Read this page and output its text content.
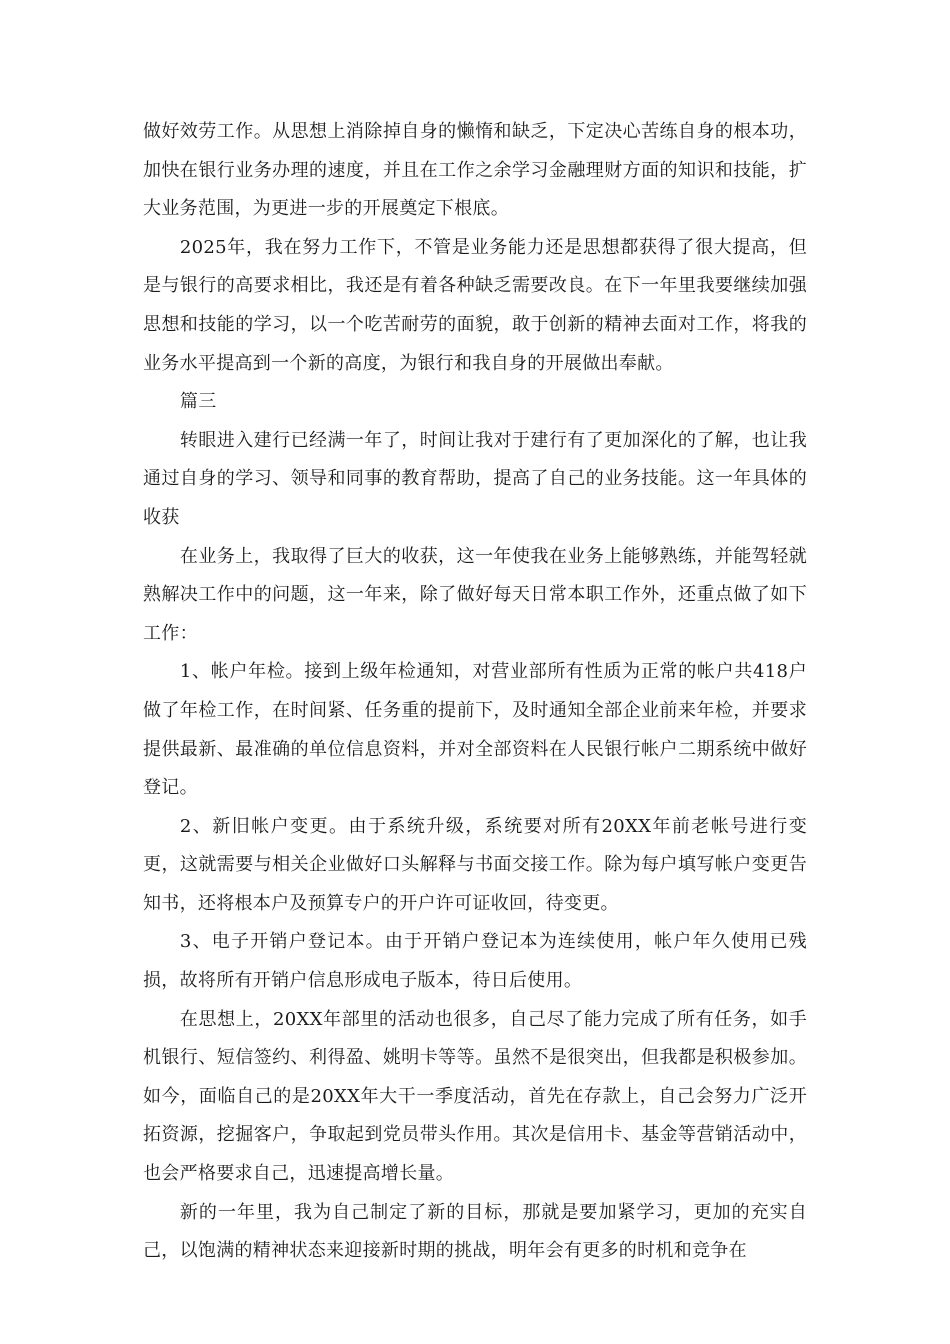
做好效劳工作。从思想上消除掉自身的懒惰和缺乏，下定决心苦练自身的根本功，加快在银行业务办理的速度，并且在工作之余学习金融理财方面的知识和技能，扩大业务范围，为更进一步的开展奠定下根底。

2025年，我在努力工作下，不管是业务能力还是思想都获得了很大提高，但是与银行的高要求相比，我还是有着各种缺乏需要改良。在下一年里我要继续加强思想和技能的学习，以一个吃苦耐劳的面貌，敢于创新的精神去面对工作，将我的业务水平提高到一个新的高度，为银行和我自身的开展做出奉献。

篇三

转眼进入建行已经满一年了，时间让我对于建行有了更加深化的了解，也让我通过自身的学习、领导和同事的教育帮助，提高了自己的业务技能。这一年具体的收获

在业务上，我取得了巨大的收获，这一年使我在业务上能够熟练，并能驾轻就熟解决工作中的问题，这一年来，除了做好每天日常本职工作外，还重点做了如下工作：

1、帐户年检。接到上级年检通知，对营业部所有性质为正常的帐户共418户做了年检工作，在时间紧、任务重的提前下，及时通知全部企业前来年检，并要求提供最新、最准确的单位信息资料，并对全部资料在人民银行帐户二期系统中做好登记。

2、新旧帐户变更。由于系统升级，系统要对所有20XX年前老帐号进行变更，这就需要与相关企业做好口头解释与书面交接工作。除为每户填写帐户变更告知书，还将根本户及预算专户的开户许可证收回，待变更。

3、电子开销户登记本。由于开销户登记本为连续使用，帐户年久使用已残损，故将所有开销户信息形成电子版本，待日后使用。

在思想上，20XX年部里的活动也很多，自己尽了能力完成了所有任务，如手机银行、短信签约、利得盈、姚明卡等等。虽然不是很突出，但我都是积极参加。如今，面临自己的是20XX年大干一季度活动，首先在存款上，自己会努力广泛开拓资源，挖掘客户，争取起到党员带头作用。其次是信用卡、基金等营销活动中，也会严格要求自己，迅速提高增长量。

新的一年里，我为自己制定了新的目标，那就是要加紧学习，更加的充实自己，以饱满的精神状态来迎接新时期的挑战，明年会有更多的时机和竞争在
